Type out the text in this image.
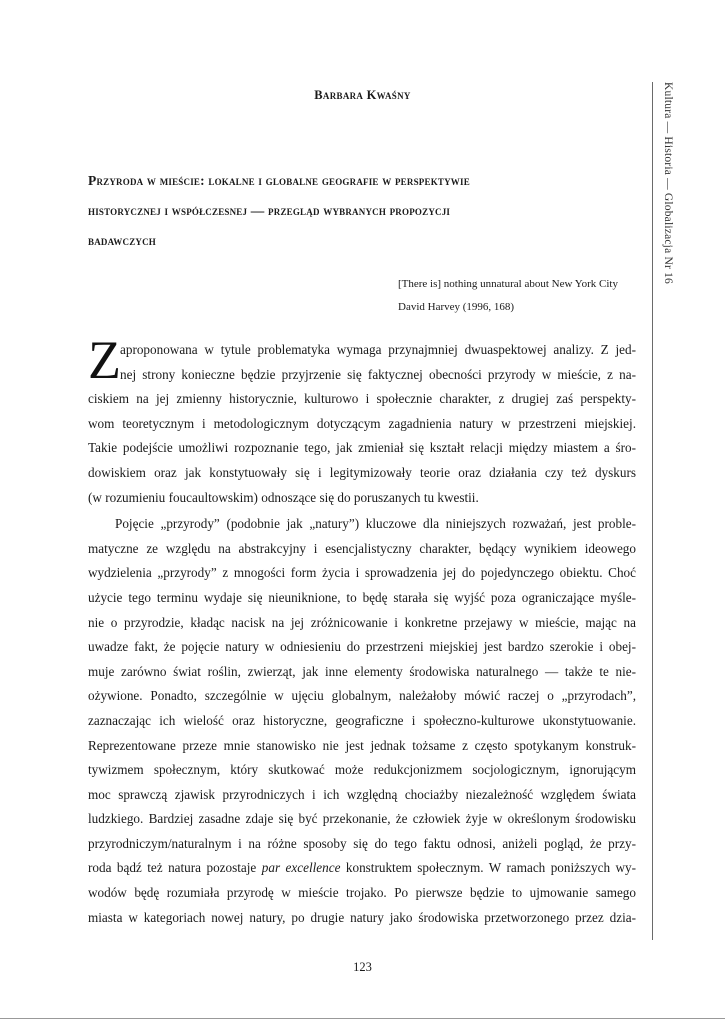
Barbara Kwaśny
Przyroda w mieście: lokalne i globalne geografie w perspektywie
historycznej i współczesnej — przegląd wybranych propozycji
badawczych
[There is] nothing unnatural about New York City
David Harvey (1996, 168)
Kultura — Historia — Globalizacja Nr 16
Z aproponowana w tytule problematyka wymaga przynajmniej dwuaspektowej analizy. Z jed-
nej strony konieczne będzie przyjrzenie się faktycznej obecności przyrody w mieście, z na-
ciskiem na jej zmienny historycznie, kulturowo i społecznie charakter, z drugiej zaś perspekty-
wom teoretycznym i metodologicznym dotyczącym zagadnienia natury w przestrzeni miejskiej.
Takie podejście umożliwi rozpoznanie tego, jak zmieniał się kształt relacji między miastem a śro-
dowiskiem oraz jak konstytuowały się i legitymizowały teorie oraz działania czy też dyskurs
(w rozumieniu foucaultowskim) odnoszące się do poruszanych tu kwestii.
Pojęcie „przyrody” (podobnie jak „natury”) kluczowe dla niniejszych rozważań, jest proble-
matyczne ze względu na abstrakcyjny i esencjalistyczny charakter, będący wynikiem ideowego
wydzielenia „przyrody” z mnogości form życia i sprowadzenia jej do pojedynczego obiektu. Choć
użycie tego terminu wydaje się nieuniknione, to będę starała się wyjść poza ograniczające myśle-
nie o przyrodzie, kładąc nacisk na jej zróżnicowanie i konkretne przejawy w mieście, mając na
uwadze fakt, że pojęcie natury w odniesieniu do przestrzeni miejskiej jest bardzo szerokie i obej-
muje zarówno świat roślin, zwierząt, jak inne elementy środowiska naturalnego — także te nie-
ożywione. Ponadto, szczególnie w ujęciu globalnym, należałoby mówić raczej o „przyrodach”,
zaznaczając ich wielość oraz historyczne, geograficzne i społeczno-kulturowe ukonstytuowanie.
Reprezentowane przeze mnie stanowisko nie jest jednak tożsame z często spotykanym konstruk-
tywizmem społecznym, który skutkować może redukcjonizmem socjologicznym, ignorującym
moc sprawczą zjawisk przyrodniczych i ich względną chociażby niezależność względem świata
ludzkiego. Bardziej zasadne zdaje się być przekonanie, że człowiek żyje w określonym środowisku
przyrodniczym/naturalnym i na różne sposoby się do tego faktu odnosi, aniżeli pogląd, że przy-
roda bądź też natura pozostaje par excellence konstruktem społecznym. W ramach poniższych wy-
wodów będę rozumiała przyrodę w mieście trojako. Po pierwsze będzie to ujmowanie samego
miasta w kategoriach nowej natury, po drugie natury jako środowiska przetworzonego przez dzia-
123
